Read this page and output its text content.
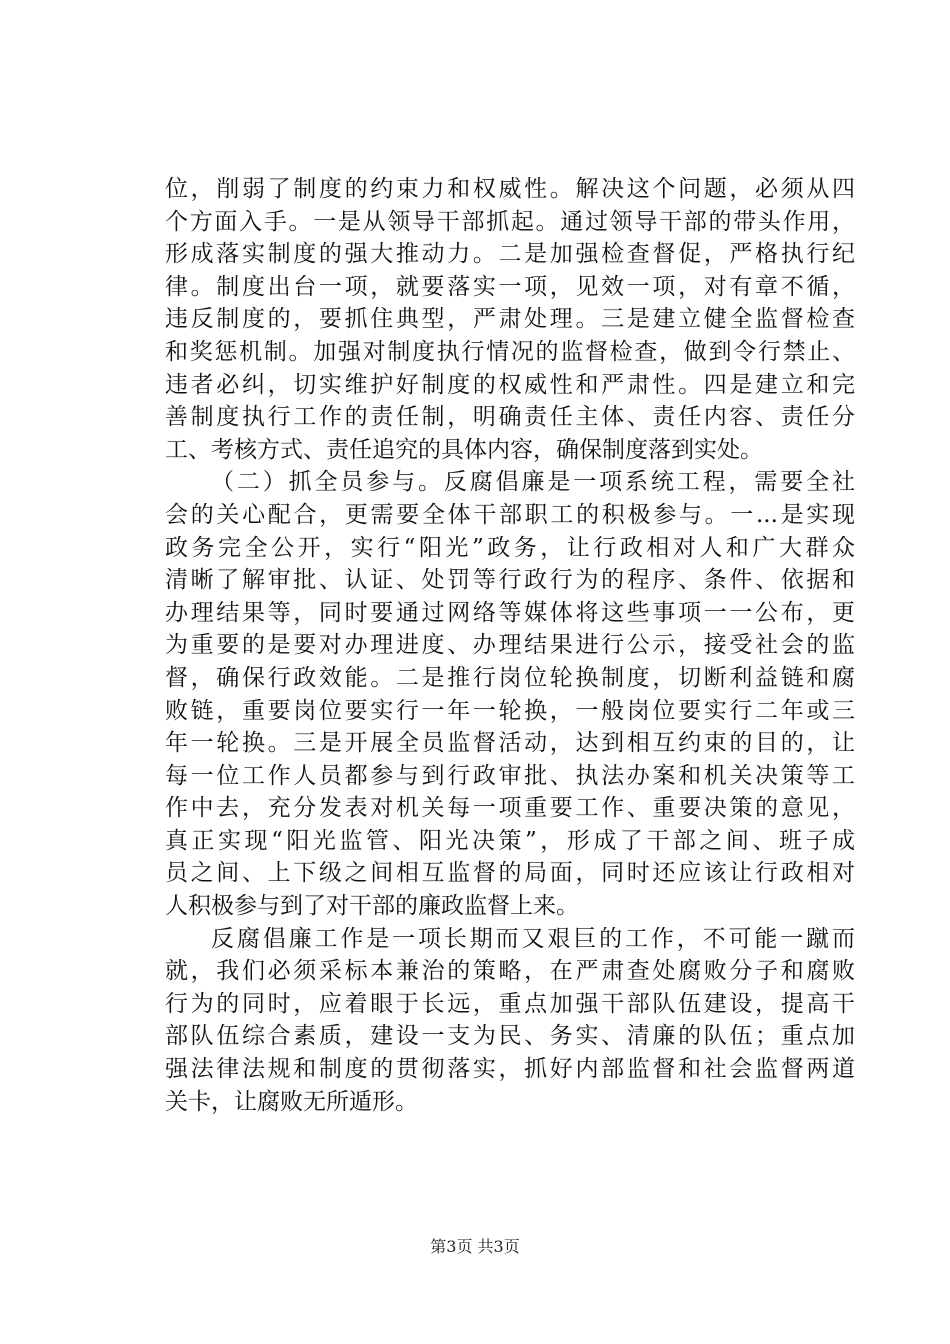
位，削弱了制度的约束力和权威性。解决这个问题，必须从四
个方面入手。一是从领导干部抓起。通过领导干部的带头作用，
形成落实制度的强大推动力。二是加强检查督促，严格执行纪
律。制度出台一项，就要落实一项，见效一项，对有章不循，
违反制度的，要抓住典型，严肃处理。三是建立健全监督检查
和奖惩机制。加强对制度执行情况的监督检查，做到令行禁止、
违者必纠，切实维护好制度的权威性和严肃性。四是建立和完
善制度执行工作的责任制，明确责任主体、责任内容、责任分
工、考核方式、责任追究的具体内容，确保制度落到实处。
（二）抓全员参与。反腐倡廉是一项系统工程，需要全社
会的关心配合，更需要全体干部职工的积极参与。一...是实现
政务完全公开，实行“阳光”政务，让行政相对人和广大群众
清晰了解审批、认证、处罚等行政行为的程序、条件、依据和
办理结果等，同时要通过网络等媒体将这些事项一一公布，更
为重要的是要对办理进度、办理结果进行公示，接受社会的监
督，确保行政效能。二是推行岗位轮换制度，切断利益链和腐
败链，重要岗位要实行一年一轮换，一般岗位要实行二年或三
年一轮换。三是开展全员监督活动，达到相互约束的目的，让
每一位工作人员都参与到行政审批、执法办案和机关决策等工
作中去，充分发表对机关每一项重要工作、重要决策的意见，
真正实现“阳光监管、阳光决策”，形成了干部之间、班子成
员之间、上下级之间相互监督的局面，同时还应该让行政相对
人积极参与到了对干部的廉政监督上来。
反腐倡廉工作是一项长期而又艰巨的工作，不可能一蹴而
就，我们必须采标本兼治的策略，在严肃查处腐败分子和腐败
行为的同时，应着眼于长远，重点加强干部队伍建设，提高干
部队伍综合素质，建设一支为民、务实、清廉的队伍；重点加
强法律法规和制度的贯彻落实，抓好内部监督和社会监督两道
关卡，让腐败无所遁形。
第3页 共3页
